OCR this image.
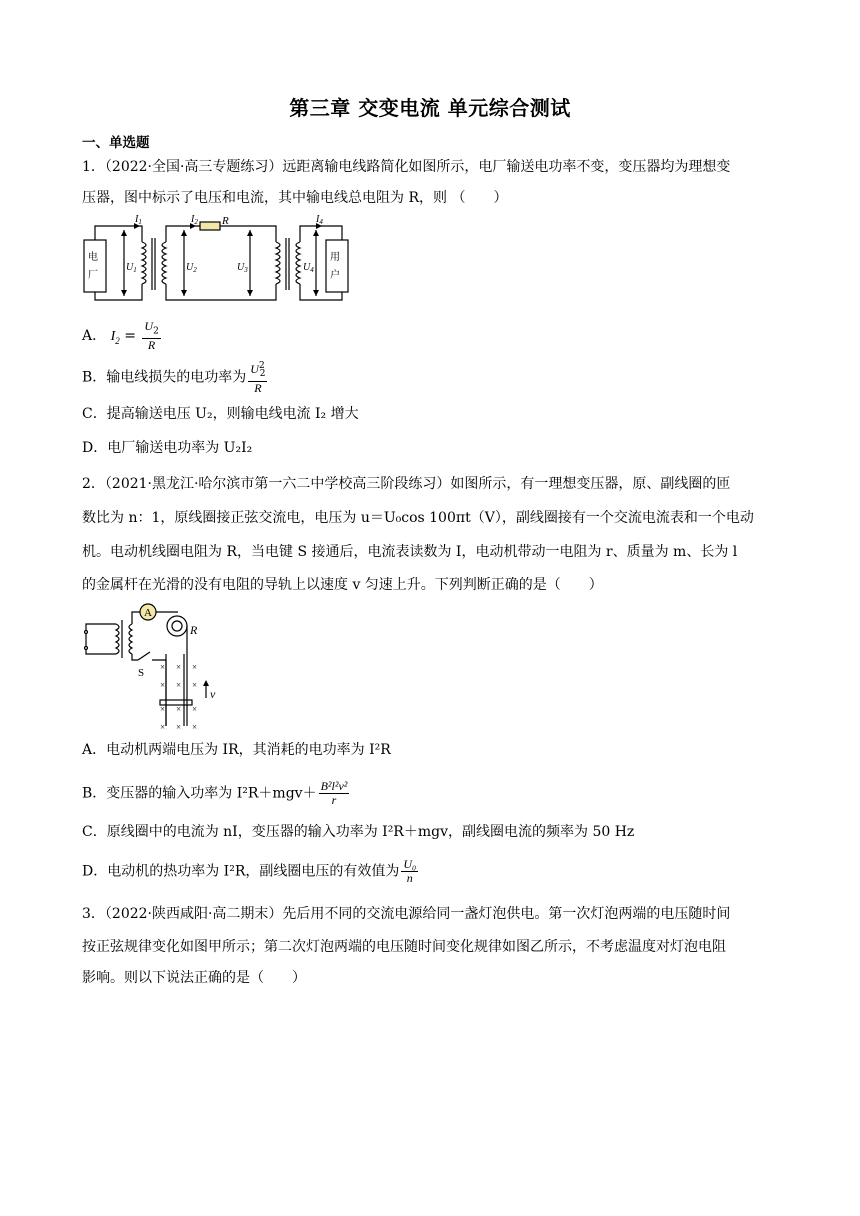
第三章 交变电流 单元综合测试
一、单选题
1．（2022·全国·高三专题练习）远距离输电线路简化如图所示，电厂输送电功率不变，变压器均为理想变
压器，图中标示了电压和电流，其中输电线总电阻为 R，则 （　　）
电
厂
用
户
R
$I_1$	$I_2$	$I_4$
$U_1$	$U_2$	$U_3$	$U_4$
A． $I_2 = \frac{U_2}{R}$
B．输电线损失的电功率为 $\frac{U^2_2}{R}$
C．提高输送电压 U₂，则输电线电流 I₂ 增大
D．电厂输送电功率为 U₂I₂
2．（2021·黑龙江·哈尔滨市第一六二中学校高三阶段练习）如图所示，有一理想变压器，原、副线圈的匝
数比为 n：1，原线圈接正弦交流电，电压为 u＝U₀cos 100πt（V），副线圈接有一个交流电流表和一个电动
机。电动机线圈电阻为 R，当电键 S 接通后，电流表读数为 I，电动机带动一电阻为 r、质量为 m、长为 l
的金属杆在光滑的没有电阻的导轨上以速度 v 匀速上升。下列判断正确的是（　　）
A
R
S
v
× × ×
× × ×
× × ×
× × ×
A．电动机两端电压为 IR，其消耗的电功率为 I²R
B．变压器的输入功率为 $I^2R+mgv+ \frac{\text{B²l²v²}}{r}$
C．原线圈中的电流为 nI，变压器的输入功率为 I²R＋mgv，副线圈电流的频率为 50 Hz
D．电动机的热功率为 I²R，副线圈电压的有效值为 $\frac{\text{U₀}}{n}$
3．（2022·陕西咸阳·高二期末）先后用不同的交流电源给同一盏灯泡供电。第一次灯泡两端的电压随时间
按正弦规律变化如图甲所示；第二次灯泡两端的电压随时间变化规律如图乙所示，不考虑温度对灯泡电阻
影响。则以下说法正确的是（　　）
